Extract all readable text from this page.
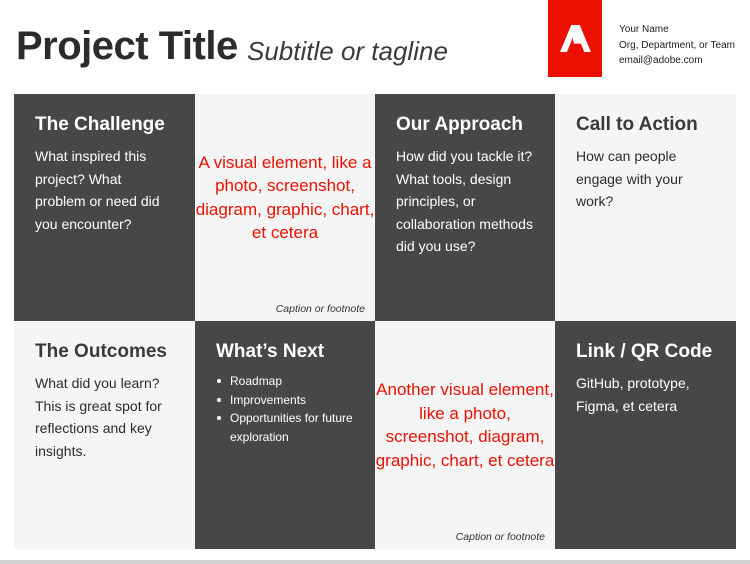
Project Title Subtitle or tagline
Your Name
Org, Department, or Team
email@adobe.com
The Challenge

What inspired this project? What problem or need did you encounter?

A visual element, like a photo, screenshot, diagram, graphic, chart, et cetera
Caption or footnote
Our Approach

How did you tackle it? What tools, design principles, or collaboration methods did you use?

Call to Action

How can people engage with your work?

The Outcomes

What did you learn? This is great spot for reflections and key insights.

What’s Next
Roadmap
Improvements
Opportunities for future exploration
Another visual element, like a photo, screenshot, diagram, graphic, chart, et cetera
Caption or footnote
Link / QR Code

GitHub, prototype, Figma, et cetera
